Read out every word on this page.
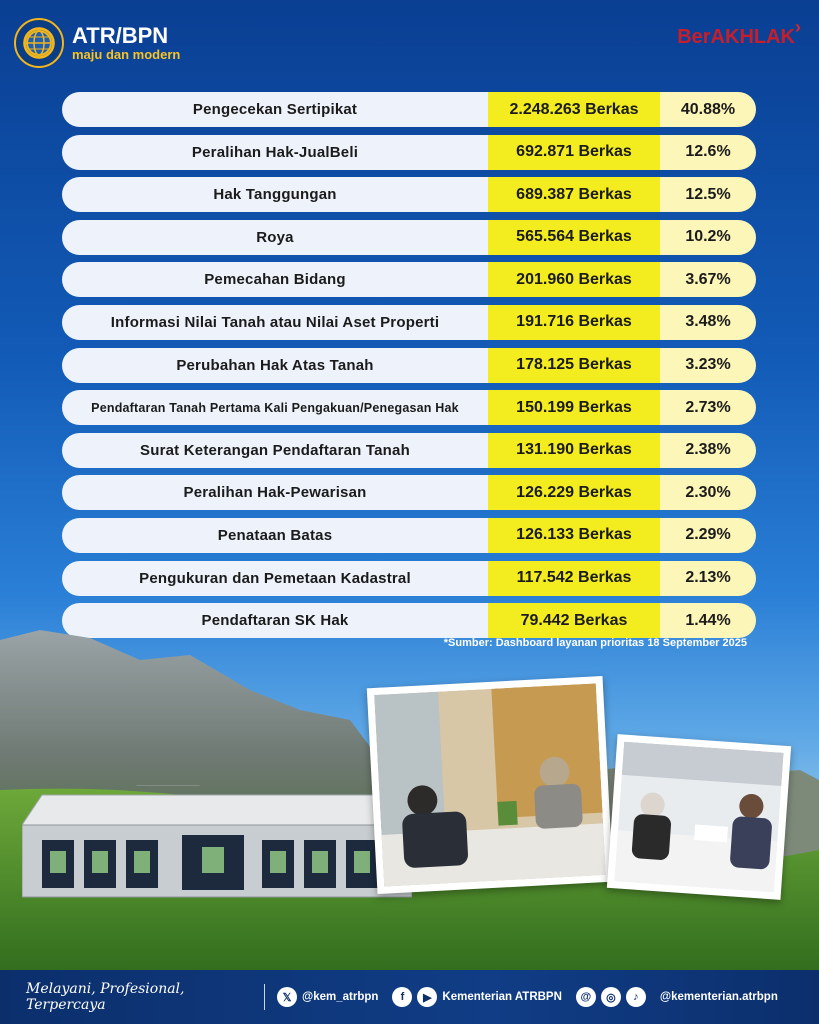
ATR/BPN
maju dan modern
BerAKHLAK›
Pengecekan Sertipikat	2.248.263 Berkas	40.88%
Peralihan Hak-JualBeli	692.871 Berkas	12.6%
Hak Tanggungan	689.387 Berkas	12.5%
Roya	565.564 Berkas	10.2%
Pemecahan Bidang	201.960 Berkas	3.67%
Informasi Nilai Tanah atau Nilai Aset Properti	191.716 Berkas	3.48%
Perubahan Hak Atas Tanah	178.125 Berkas	3.23%
Pendaftaran Tanah Pertama Kali Pengakuan/Penegasan Hak	150.199 Berkas	2.73%
Surat Keterangan Pendaftaran Tanah	131.190 Berkas	2.38%
Peralihan Hak-Pewarisan	126.229 Berkas	2.30%
Penataan Batas	126.133 Berkas	2.29%
Pengukuran dan Pemetaan Kadastral	117.542 Berkas	2.13%
Pendaftaran SK Hak	79.442 Berkas	1.44%
*Sumber: Dashboard layanan prioritas 18 September 2025
Melayani, Profesional, Terpercaya	𝕏 @kem_atrbpn	f	▶ Kementerian ATRBPN	@	◎	♪	@kementerian.atrbpn
